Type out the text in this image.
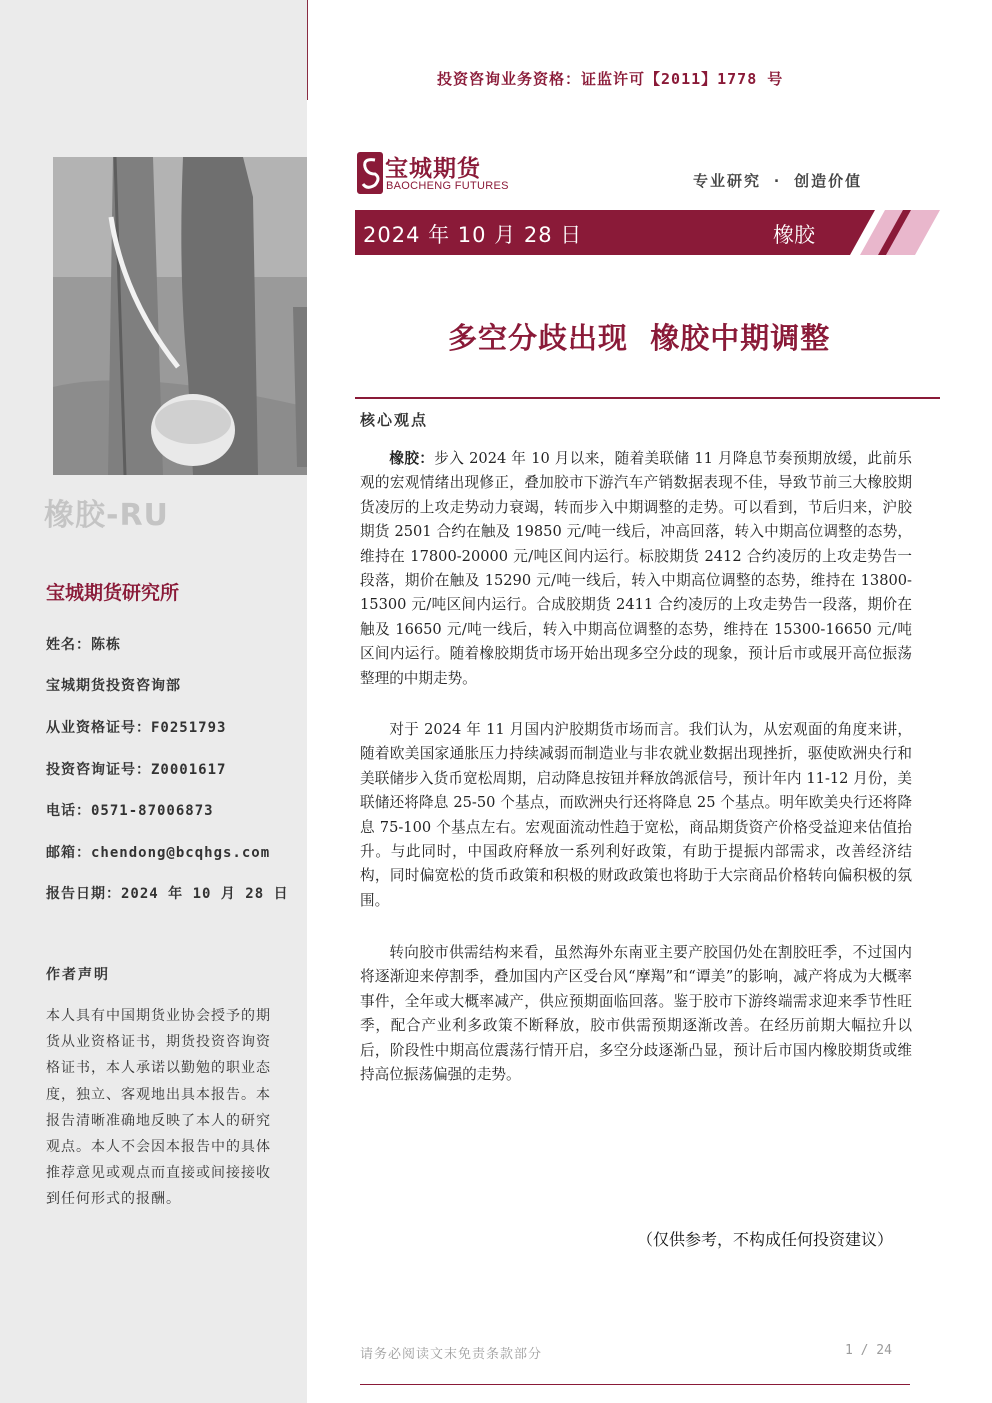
橡胶-RU
宝城期货研究所
姓名：陈栋
宝城期货投资咨询部
从业资格证号：F0251793
投资咨询证号：Z0001617
电话：0571-87006873
邮箱：chendong@bcqhgs.com
报告日期：2024 年 10 月 28 日
作者声明
本人具有中国期货业协会授予的期货从业资格证书，期货投资咨询资格证书，本人承诺以勤勉的职业态度，独立、客观地出具本报告。本报告清晰准确地反映了本人的研究观点。本人不会因本报告中的具体推荐意见或观点而直接或间接接收到任何形式的报酬。
投资咨询业务资格：证监许可【2011】1778 号
宝城期货
BAOCHENG FUTURES	专业研究 · 创造价值
2024 年 10 月 28 日	橡胶
多空分歧出现  橡胶中期调整
核心观点
橡胶：步入 2024 年 10 月以来，随着美联储 11 月降息节奏预期放缓，此前乐观的宏观情绪出现修正，叠加胶市下游汽车产销数据表现不佳，导致节前三大橡胶期货凌厉的上攻走势动力衰竭，转而步入中期调整的走势。可以看到，节后归来，沪胶期货 2501 合约在触及 19850 元/吨一线后，冲高回落，转入中期高位调整的态势，维持在 17800-20000 元/吨区间内运行。标胶期货 2412 合约凌厉的上攻走势告一段落，期价在触及 15290 元/吨一线后，转入中期高位调整的态势，维持在 13800-15300 元/吨区间内运行。合成胶期货 2411 合约凌厉的上攻走势告一段落，期价在触及 16650 元/吨一线后，转入中期高位调整的态势，维持在 15300-16650 元/吨区间内运行。随着橡胶期货市场开始出现多空分歧的现象，预计后市或展开高位振荡整理的中期走势。
对于 2024 年 11 月国内沪胶期货市场而言。我们认为，从宏观面的角度来讲，随着欧美国家通胀压力持续减弱而制造业与非农就业数据出现挫折，驱使欧洲央行和美联储步入货币宽松周期，启动降息按钮并释放鸽派信号，预计年内 11-12 月份，美联储还将降息 25-50 个基点，而欧洲央行还将降息 25 个基点。明年欧美央行还将降息 75-100 个基点左右。宏观面流动性趋于宽松，商品期货资产价格受益迎来估值抬升。与此同时，中国政府释放一系列利好政策，有助于提振内部需求，改善经济结构，同时偏宽松的货币政策和积极的财政政策也将助于大宗商品价格转向偏积极的氛围。
转向胶市供需结构来看，虽然海外东南亚主要产胶国仍处在割胶旺季，不过国内将逐渐迎来停割季，叠加国内产区受台风“摩羯”和“谭美”的影响，减产将成为大概率事件，全年或大概率减产，供应预期面临回落。鉴于胶市下游终端需求迎来季节性旺季，配合产业利多政策不断释放，胶市供需预期逐渐改善。在经历前期大幅拉升以后，阶段性中期高位震荡行情开启，多空分歧逐渐凸显，预计后市国内橡胶期货或维持高位振荡偏强的走势。
（仅供参考，不构成任何投资建议）
请务必阅读文末免责条款部分	1 / 24
